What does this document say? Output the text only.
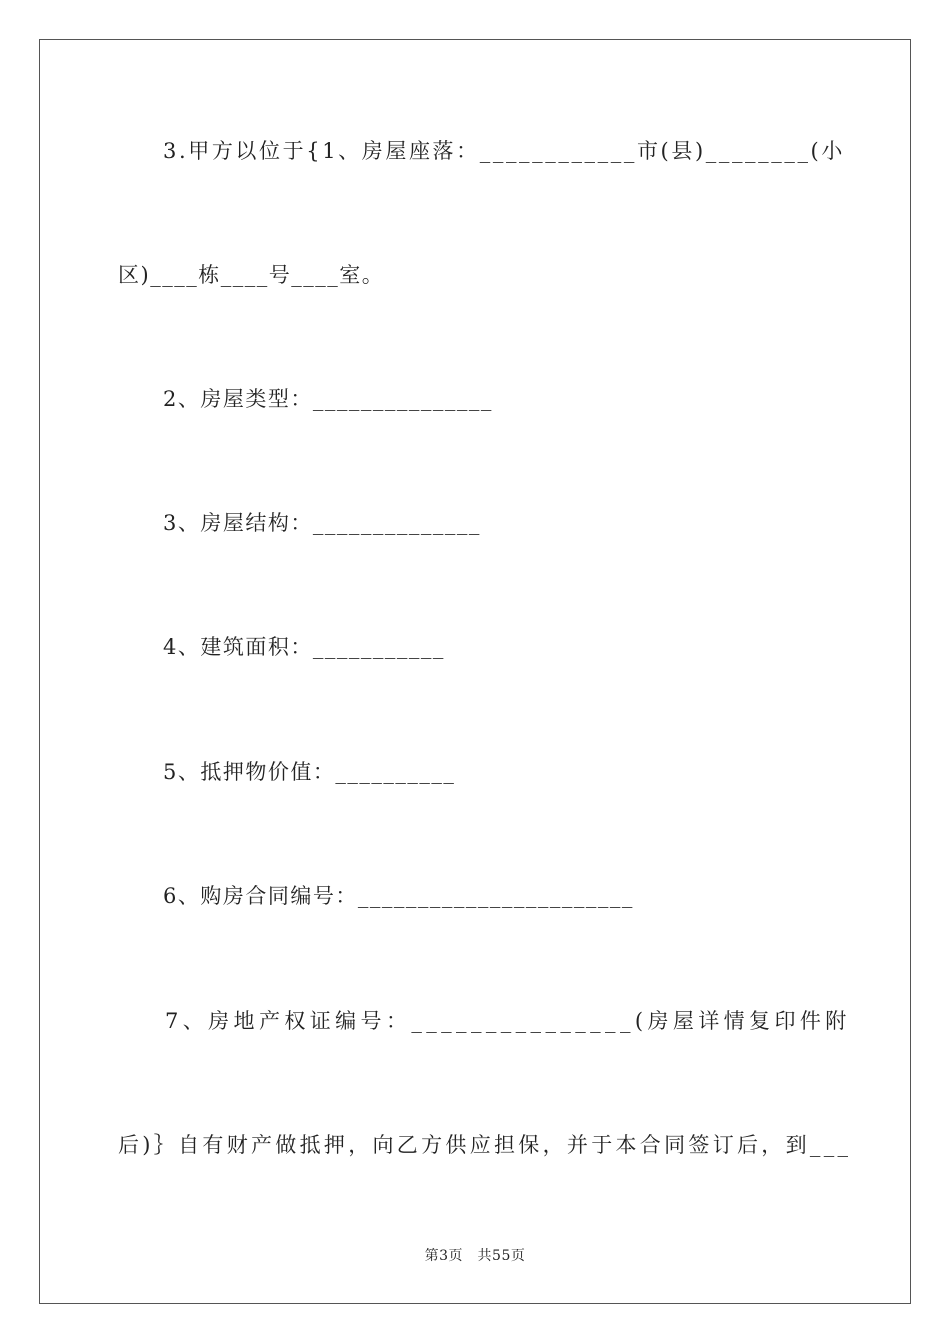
3.甲方以位于{1、房屋座落：____________市(县)________(小
区)____栋____号____室。
2、房屋类型：_______________
3、房屋结构：______________
4、建筑面积：___________
5、抵押物价值：__________
6、购房合同编号：_______________________
7、房地产权证编号：_______________(房屋详情复印件附
后)｝自有财产做抵押，向乙方供应担保，并于本合同签订后，到___
第3页　共55页
